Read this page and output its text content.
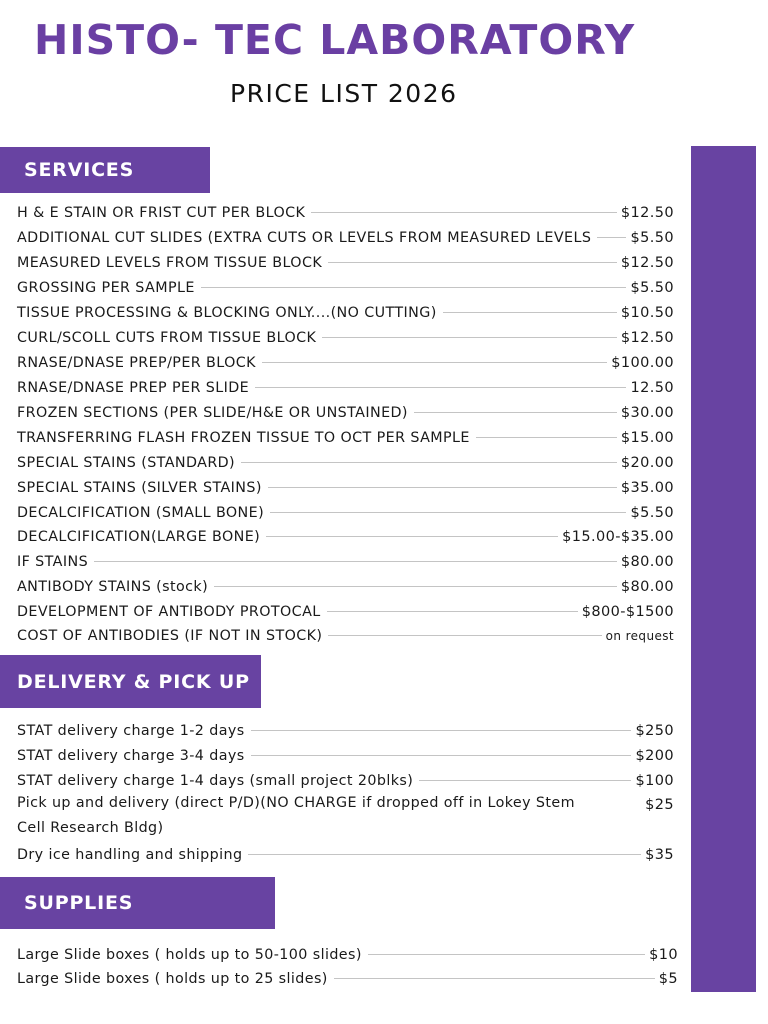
HISTO- TEC LABORATORY
PRICE LIST 2026
SERVICES
H & E STAIN OR FRIST CUT PER BLOCK	$12.50
ADDITIONAL CUT SLIDES (EXTRA CUTS OR LEVELS FROM MEASURED LEVELS	$5.50
MEASURED LEVELS FROM TISSUE BLOCK	$12.50
GROSSING PER SAMPLE	$5.50
TISSUE PROCESSING & BLOCKING ONLY....(NO CUTTING)	$10.50
CURL/SCOLL CUTS FROM TISSUE BLOCK	$12.50
RNASE/DNASE PREP/PER BLOCK	$100.00
RNASE/DNASE PREP PER SLIDE	12.50
FROZEN SECTIONS (PER SLIDE/H&E OR UNSTAINED)	$30.00
TRANSFERRING FLASH FROZEN TISSUE TO OCT PER SAMPLE	$15.00
SPECIAL STAINS (STANDARD)	$20.00
SPECIAL STAINS (SILVER STAINS)	$35.00
DECALCIFICATION (SMALL BONE)	$5.50
DECALCIFICATION(LARGE BONE)	$15.00-$35.00
IF STAINS	$80.00
ANTIBODY STAINS (stock)	$80.00
DEVELOPMENT OF ANTIBODY PROTOCAL	$800-$1500
COST OF ANTIBODIES (IF NOT IN STOCK)	on request
DELIVERY & PICK UP
STAT delivery charge 1-2 days	$250
STAT delivery charge 3-4 days	$200
STAT delivery charge 1-4 days (small project 20blks)	$100
Pick up and delivery (direct P/D)(NO CHARGE if dropped off in Lokey Stem Cell Research Bldg)
$25
Dry ice handling and shipping	$35
SUPPLIES
Large Slide boxes ( holds up to 50-100 slides)	$10
Large Slide boxes ( holds up to 25 slides)	$5
